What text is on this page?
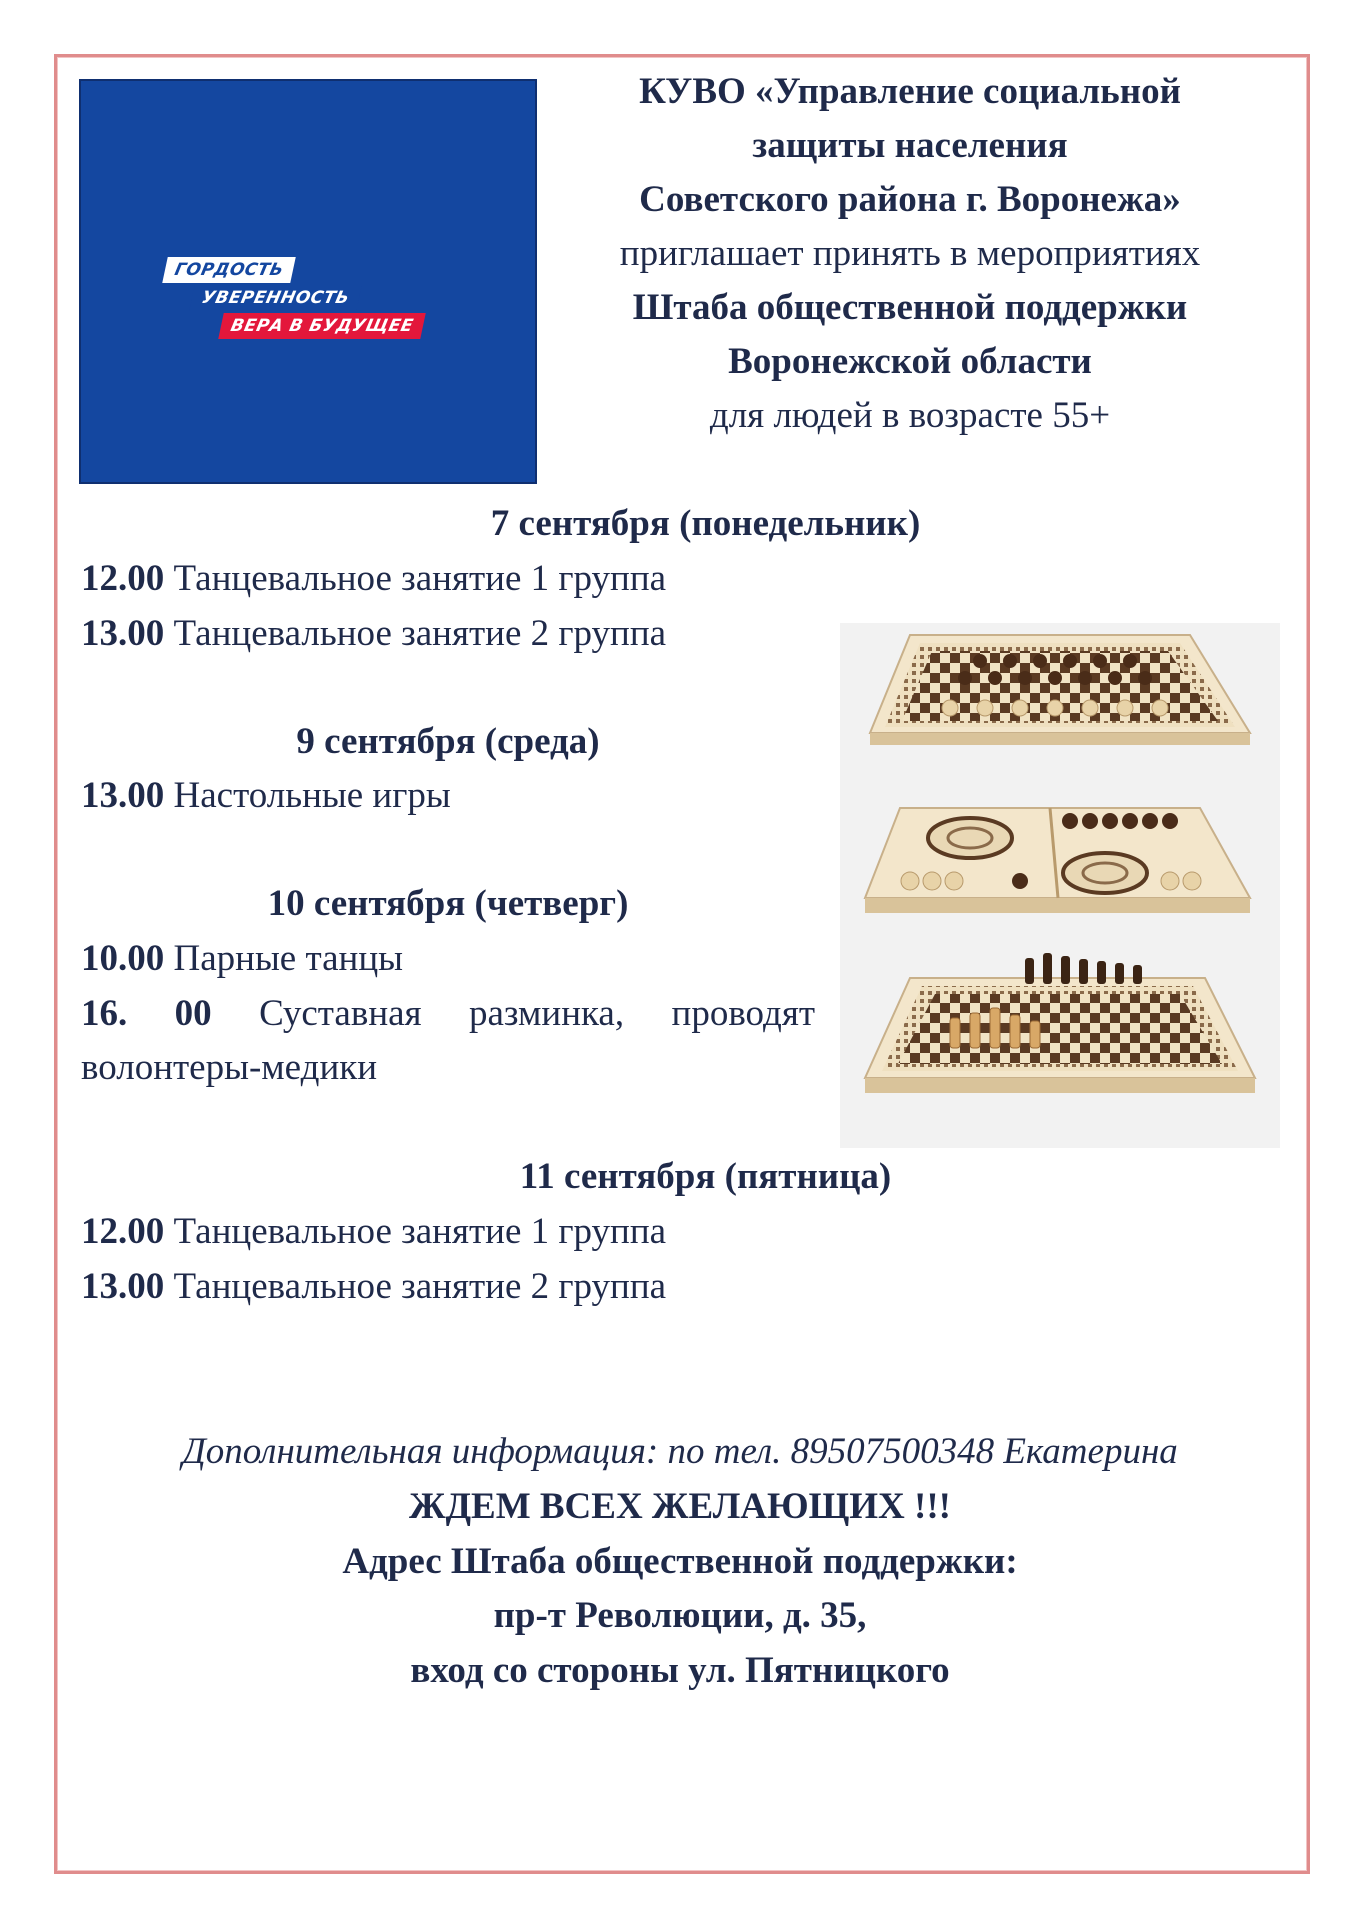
ГОРДОСТЬ
УВЕРЕННОСТЬ
ВЕРА В БУДУЩЕЕ

КУВО «Управление социальной

защиты населения

Советского района г. Воронежа»

приглашает принять в мероприятиях

Штаба общественной поддержки

Воронежской области

для людей в возрасте 55+

7 сентября (понедельник)
12.00 Танцевальное занятие 1 группа
13.00 Танцевальное занятие 2 группа
9 сентября (среда)
13.00 Настольные игры
10 сентября (четверг)
10.00 Парные танцы
16. 00 Суставная разминка, проводят волонтеры-медики
11 сентября (пятница)
12.00 Танцевальное занятие 1 группа
13.00 Танцевальное занятие 2 группа
Дополнительная информация: по тел. 89507500348 Екатерина
ЖДЕМ ВСЕХ ЖЕЛАЮЩИХ !!!
Адрес Штаба общественной поддержки:
пр-т Революции, д. 35,
вход со стороны ул. Пятницкого
